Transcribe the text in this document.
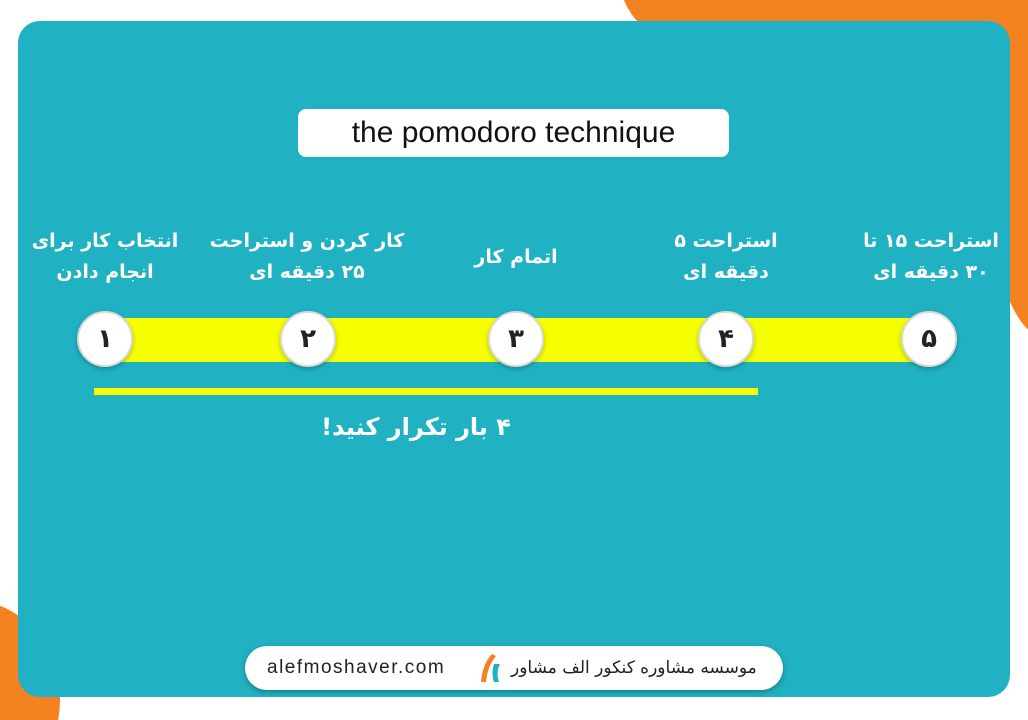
the pomodoro technique
انتخاب کار برای
انجام دادن
کار کردن و استراحت
۲۵ دقیقه ای
اتمام کار
استراحت ۵
دقیقه ای
استراحت ۱۵ تا
۳۰ دقیقه ای
۱	۲	۳	۴	۵
۴ بار تکرار کنید!
alefmoshaver.com	موسسه مشاوره کنکور الف مشاور
